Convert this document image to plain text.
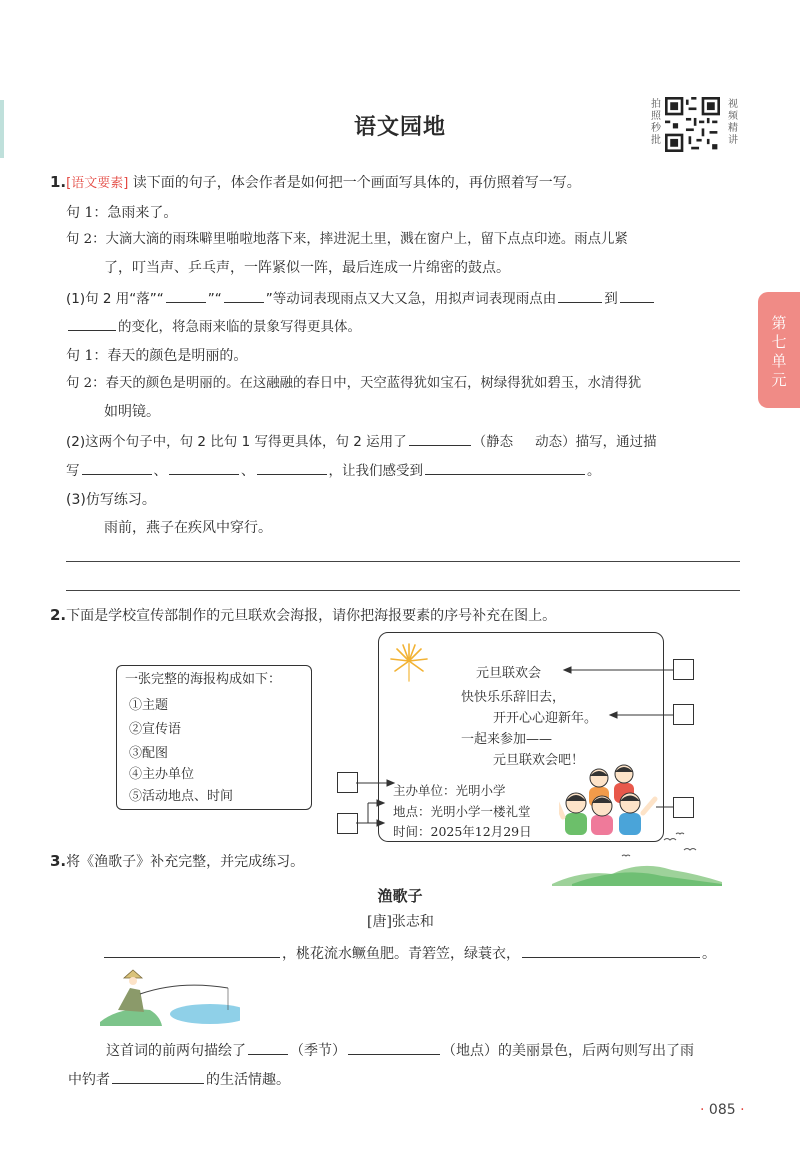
语文园地
拍照秒批
视频精讲
第七单元
1.[语文要素] 读下面的句子，体会作者是如何把一个画面写具体的，再仿照着写一写。
句 1：急雨来了。
句 2：大滴大滴的雨珠噼里啪啦地落下来，摔进泥土里，溅在窗户上，留下点点印迹。雨点儿紧
了，叮当声、乒乓声，一阵紧似一阵，最后连成一片绵密的鼓点。
(1)句 2 用“落”“	”“	”等动词表现雨点又大又急，用拟声词表现雨点由	到
的变化，将急雨来临的景象写得更具体。
句 1：春天的颜色是明丽的。
句 2：春天的颜色是明丽的。在这融融的春日中，天空蓝得犹如宝石，树绿得犹如碧玉，水清得犹
如明镜。
(2)这两个句子中，句 2 比句 1 写得更具体，句 2 运用了	（静态 动态）描写，通过描
写	、	、	，让我们感受到	。
(3)仿写练习。
雨前，燕子在疾风中穿行。
2.下面是学校宣传部制作的元旦联欢会海报，请你把海报要素的序号补充在图上。
一张完整的海报构成如下：
①主题
②宣传语
③配图
④主办单位
⑤活动地点、时间
元旦联欢会
快快乐乐辞旧去，
开开心心迎新年。
一起来参加——
元旦联欢会吧！
主办单位：光明小学
地点：光明小学一楼礼堂
时间：2025年12月29日
3.将《渔歌子》补充完整，并完成练习。
渔歌子
[唐]张志和
，桃花流水鳜鱼肥。青箬笠，绿蓑衣，	。
这首词的前两句描绘了	（季节）	（地点）的美丽景色，后两句则写出了雨
中钓者	的生活情趣。
· 085 ·
